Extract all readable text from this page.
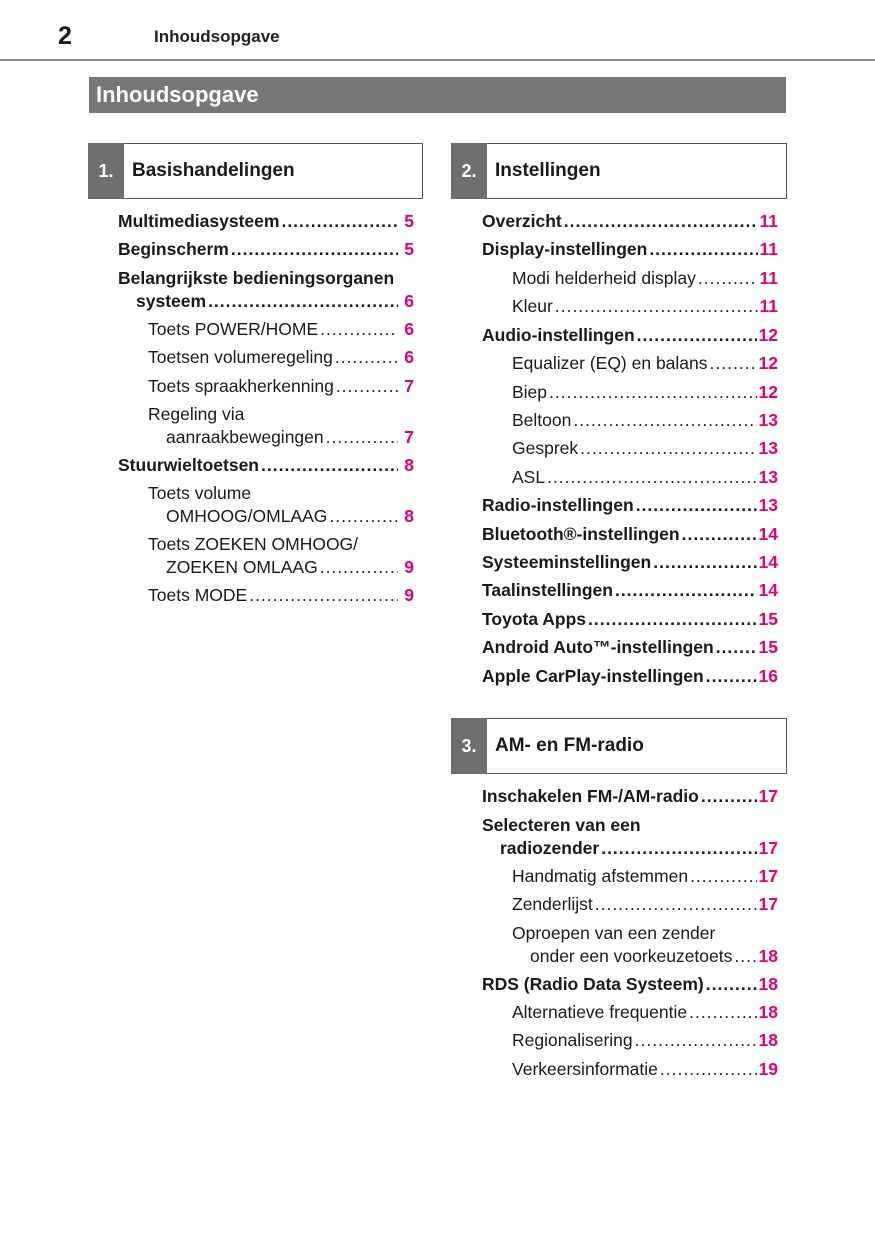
2	Inhoudsopgave
Inhoudsopgave
1. Basishandelingen
Multimediasysteem .....	5
Beginscherm .....	5
Belangrijkste bedieningsorganen
systeem .....	6
Toets POWER/HOME .....	6
Toetsen volumeregeling .....	6
Toets spraakherkenning .....	7
Regeling via
aanraakbewegingen .....	7
Stuurwieltoetsen .....	8
Toets volume
OMHOOG/OMLAAG .....	8
Toets ZOEKEN OMHOOG/
ZOEKEN OMLAAG .....	9
Toets MODE .....	9
2. Instellingen
Overzicht .....	11
Display-instellingen .....	11
Modi helderheid display .....	11
Kleur .....	11
Audio-instellingen .....	12
Equalizer (EQ) en balans .....	12
Biep .....	12
Beltoon .....	13
Gesprek .....	13
ASL .....	13
Radio-instellingen .....	13
Bluetooth®-instellingen .....	14
Systeeminstellingen .....	14
Taalinstellingen .....	14
Toyota Apps .....	15
Android Auto™-instellingen .....	15
Apple CarPlay-instellingen .....	16
3. AM- en FM-radio
Inschakelen FM-/AM-radio .....	17
Selecteren van een
radiozender .....	17
Handmatig afstemmen .....	17
Zenderlijst .....	17
Oproepen van een zender
onder een voorkeuzetoets ..... 18
RDS (Radio Data Systeem) .....	18
Alternatieve frequentie .....	18
Regionalisering .....	18
Verkeersinformatie .....	19
